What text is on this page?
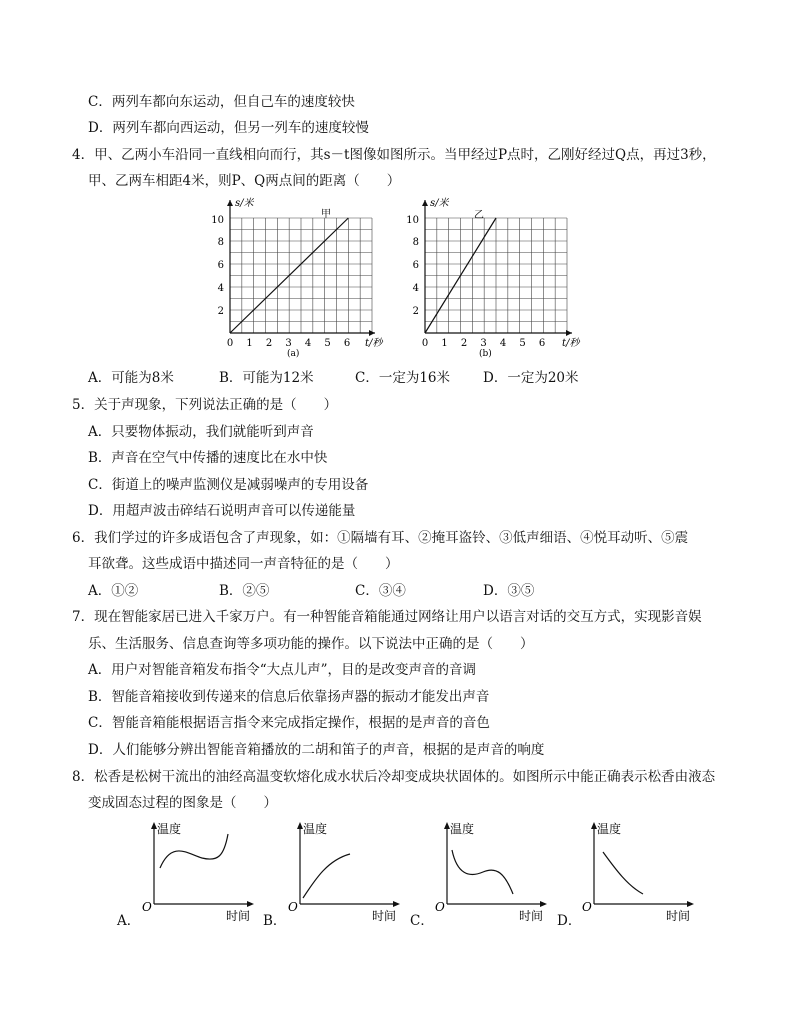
C．两列车都向东运动，但自己车的速度较快
D．两列车都向西运动，但另一列车的速度较慢
4．甲、乙两小车沿同一直线相向而行，其s－t图像如图所示。当甲经过P点时，乙刚好经过Q点，再过3秒，
甲、乙两车相距4米，则P、Q两点间的距离（　　）
s/米
t/秒
甲
(a)
0 1 2 3 4 5 6
2
4
6
8
10
s/米
t/秒
乙
(b)
0 1 2 3 4 5 6
2
4
6
8
10
A．可能为8米	B．可能为12米	C．一定为16米 D．一定为20米
5．关于声现象，下列说法正确的是（　　）
A．只要物体振动，我们就能听到声音
B．声音在空气中传播的速度比在水中快
C．街道上的噪声监测仪是减弱噪声的专用设备
D．用超声波击碎结石说明声音可以传递能量
6．我们学过的许多成语包含了声现象，如：①隔墙有耳、②掩耳盗铃、③低声细语、④悦耳动听、⑤震
耳欲聋。这些成语中描述同一声音特征的是（　　）
A．①②	B．②⑤	C．③④	D．③⑤
7．现在智能家居已进入千家万户。有一种智能音箱能通过网络让用户以语言对话的交互方式，实现影音娱
乐、生活服务、信息查询等多项功能的操作。以下说法中正确的是（　　）
A．用户对智能音箱发布指令“大点儿声”，目的是改变声音的音调
B．智能音箱接收到传递来的信息后依靠扬声器的振动才能发出声音
C．智能音箱能根据语言指令来完成指定操作，根据的是声音的音色
D．人们能够分辨出智能音箱播放的二胡和笛子的声音，根据的是声音的响度
8．松香是松树干流出的油经高温变软熔化成水状后冷却变成块状固体的。如图所示中能正确表示松香由液态
变成固态过程的图象是（　　）
A．
温度
时间
O
B．
温度
时间
O
C．
温度
时间
O
D．
温度
时间
O
